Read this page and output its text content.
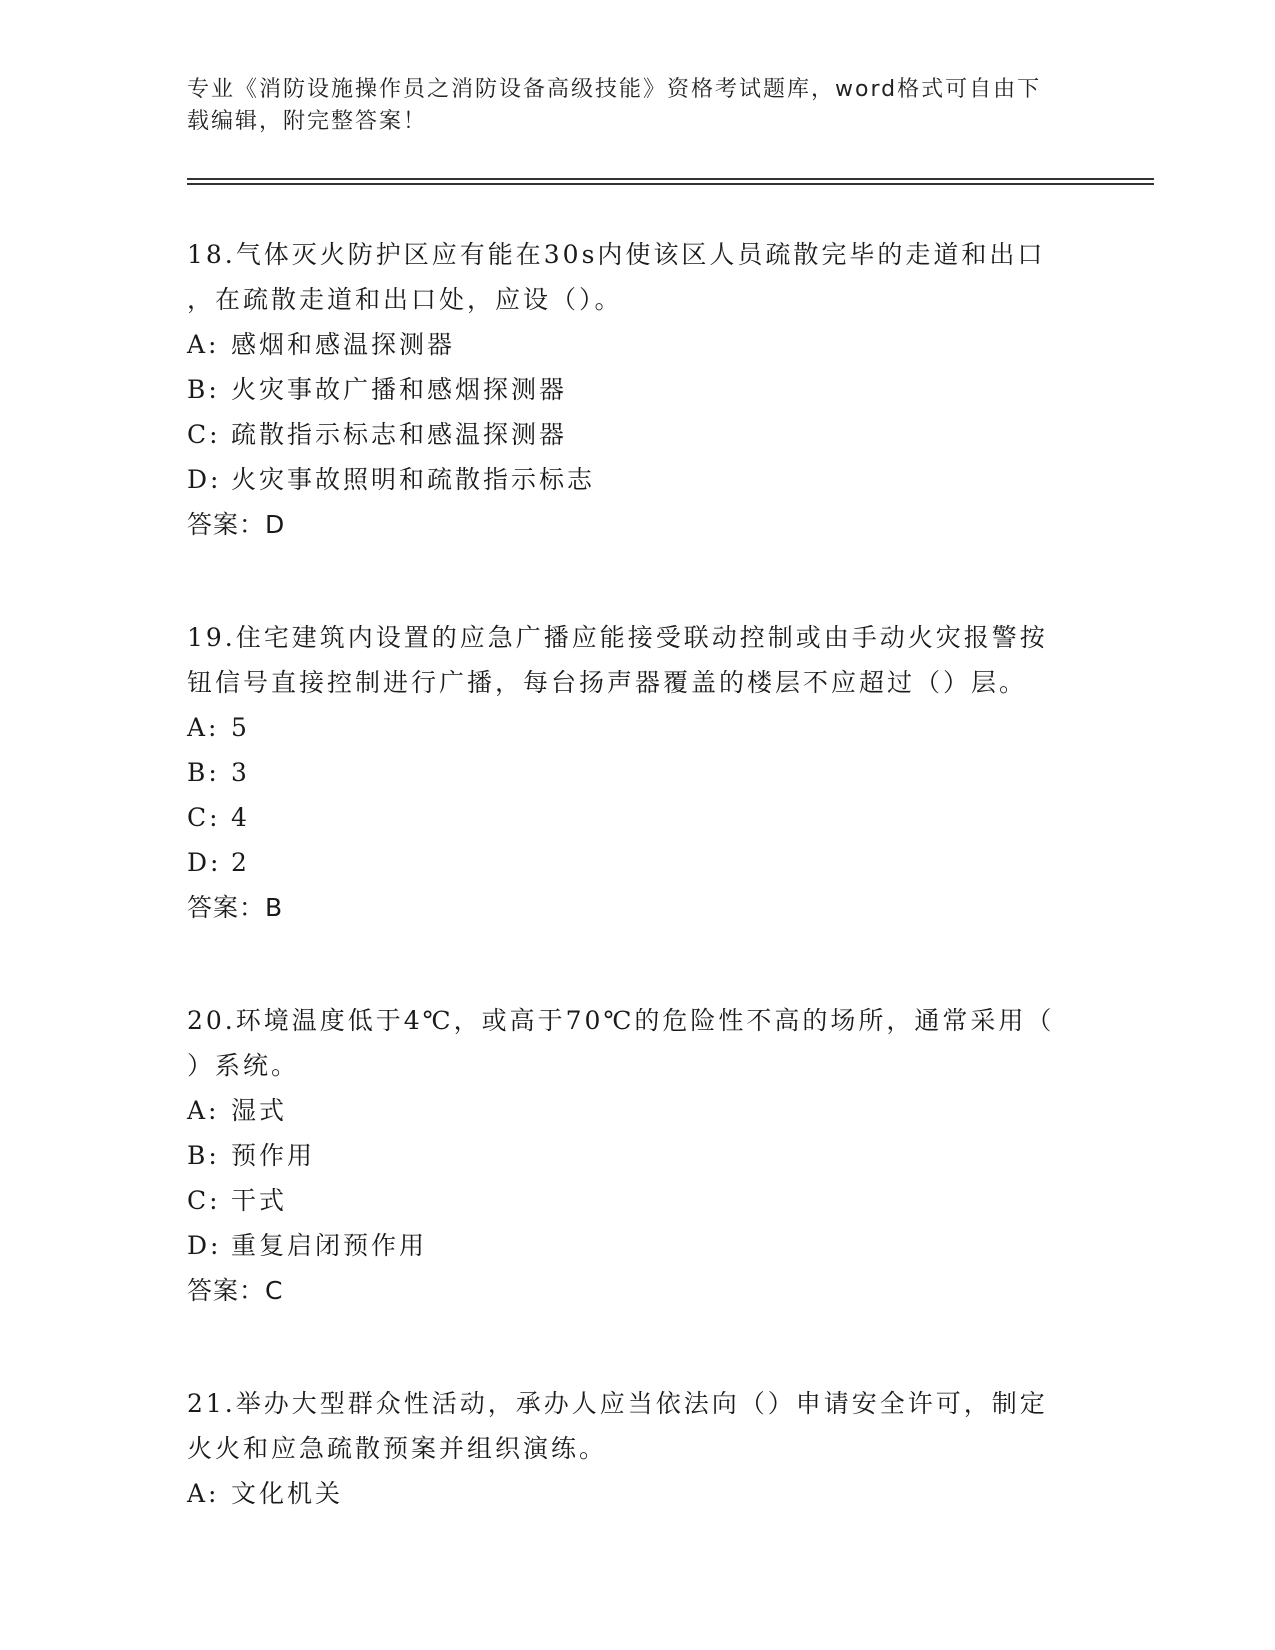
专业《消防设施操作员之消防设备高级技能》资格考试题库，word格式可自由下
载编辑，附完整答案！

18.气体灭火防护区应有能在30s内使该区人员疏散完毕的走道和出口

，在疏散走道和出口处，应设（）。

A: 感烟和感温探测器

B: 火灾事故广播和感烟探测器

C: 疏散指示标志和感温探测器

D: 火灾事故照明和疏散指示标志

答案：D

19.住宅建筑内设置的应急广播应能接受联动控制或由手动火灾报警按

钮信号直接控制进行广播，每台扬声器覆盖的楼层不应超过（）层。

A: 5

B: 3

C: 4

D: 2

答案：B

20.环境温度低于4℃，或高于70℃的危险性不高的场所，通常采用（

）系统。

A: 湿式

B: 预作用

C: 干式

D: 重复启闭预作用

答案：C

21.举办大型群众性活动，承办人应当依法向（）申请安全许可，制定

火火和应急疏散预案并组织演练。

A: 文化机关
